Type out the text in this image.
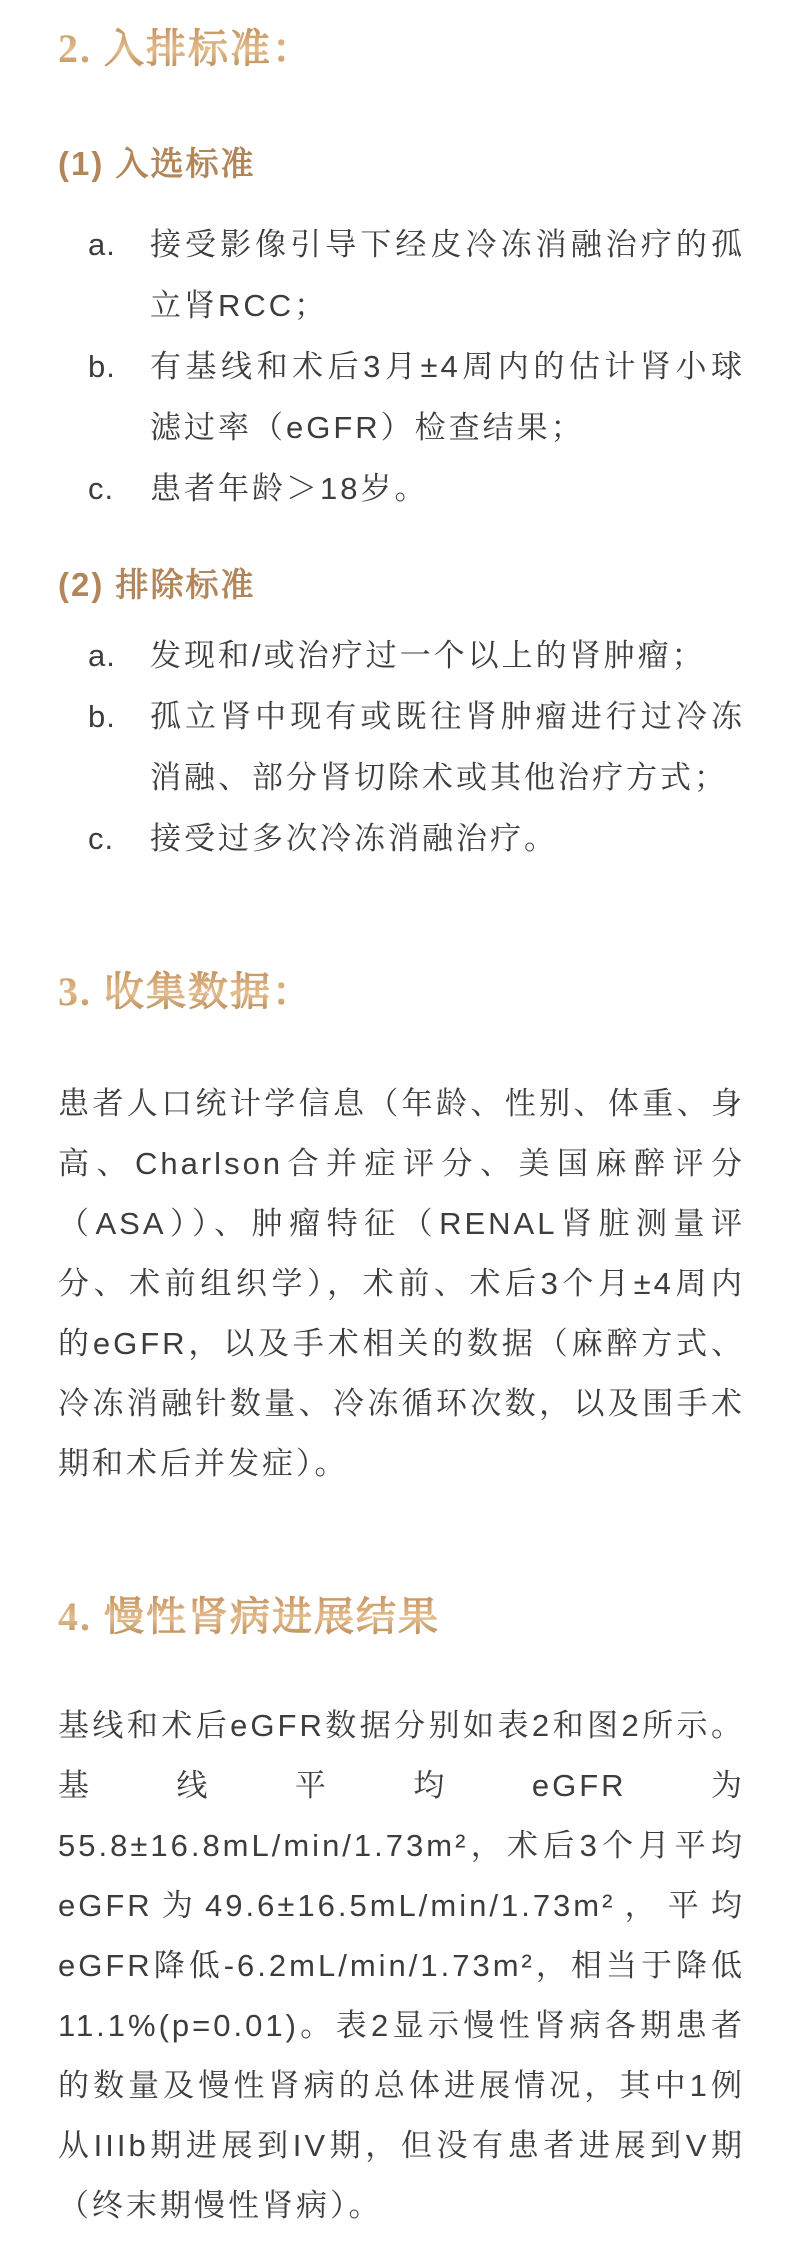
2. 入排标准：
(1) 入选标准
a.	接受影像引导下经皮冷冻消融治疗的孤立肾RCC；
b.	有基线和术后3月±4周内的估计肾小球滤过率（eGFR）检查结果；
c.	患者年龄＞18岁。
(2) 排除标准
a.	发现和/或治疗过一个以上的肾肿瘤；
b.	孤立肾中现有或既往肾肿瘤进行过冷冻消融、部分肾切除术或其他治疗方式；
c.	接受过多次冷冻消融治疗。
3. 收集数据：
患者人口统计学信息（年龄、性别、体重、身高、Charlson合并症评分、美国麻醉评分（ASA））、肿瘤特征（RENAL肾脏测量评分、术前组织学），术前、术后3个月±4周内的eGFR，以及手术相关的数据（麻醉方式、冷冻消融针数量、冷冻循环次数，以及围手术期和术后并发症）。
4. 慢性肾病进展结果
基线和术后eGFR数据分别如表2和图2所示。基线平均eGFR为55.8±16.8mL/min/1.73m²，术后3个月平均eGFR为49.6±16.5mL/min/1.73m²，平均eGFR降低-6.2mL/min/1.73m²，相当于降低11.1%(p=0.01)。表2显示慢性肾病各期患者的数量及慢性肾病的总体进展情况，其中1例从IIIb期进展到IV期，但没有患者进展到V期（终末期慢性肾病）。
